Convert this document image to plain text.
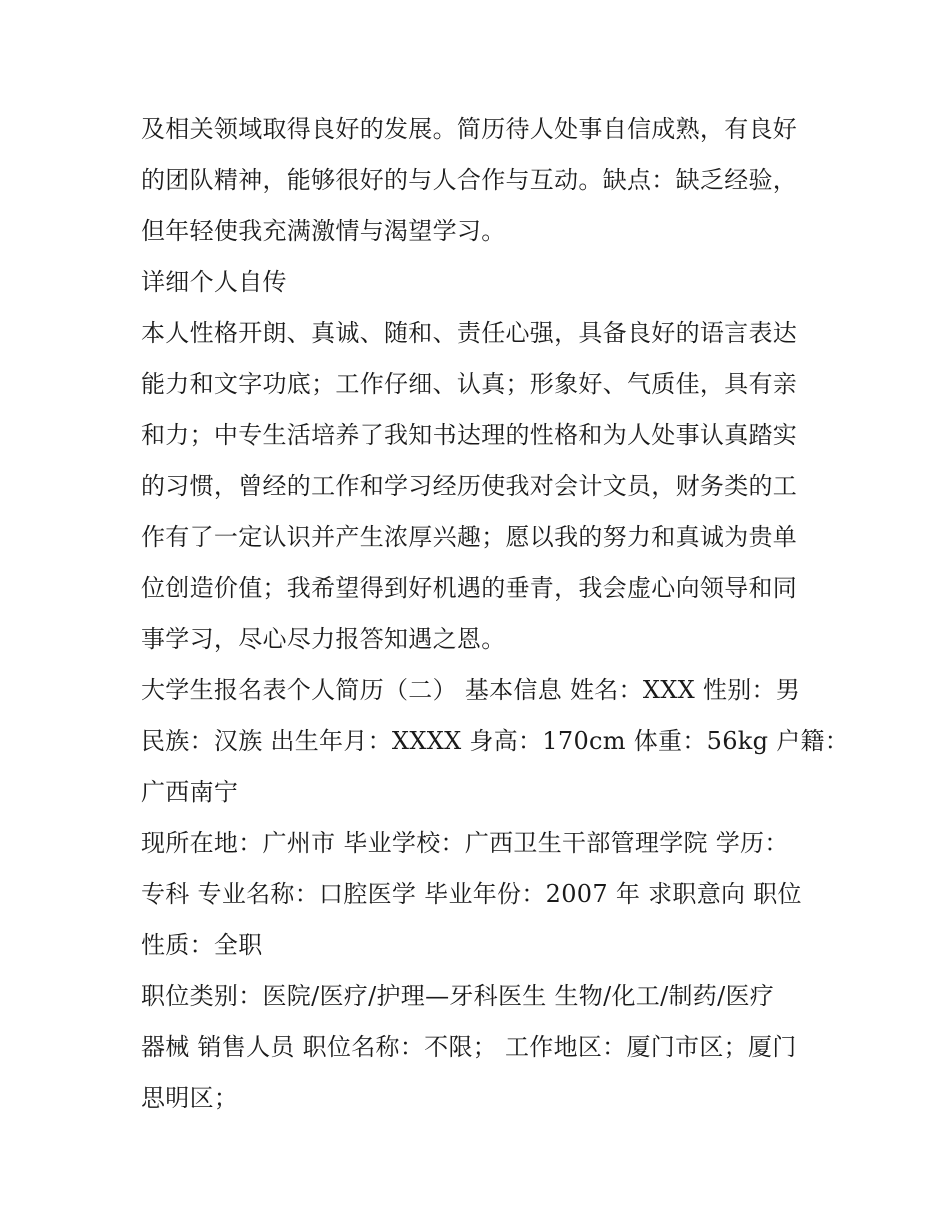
及相关领域取得良好的发展。简历待人处事自信成熟，有良好
的团队精神，能够很好的与人合作与互动。缺点：缺乏经验，
但年轻使我充满激情与渴望学习。
详细个人自传
本人性格开朗、真诚、随和、责任心强，具备良好的语言表达
能力和文字功底；工作仔细、认真；形象好、气质佳，具有亲
和力；中专生活培养了我知书达理的性格和为人处事认真踏实
的习惯，曾经的工作和学习经历使我对会计文员，财务类的工
作有了一定认识并产生浓厚兴趣；愿以我的努力和真诚为贵单
位创造价值；我希望得到好机遇的垂青，我会虚心向领导和同
事学习，尽心尽力报答知遇之恩。
大学生报名表个人简历（二） 基本信息 姓名：XXX 性别：男
民族：汉族 出生年月：XXXX 身高：170cm 体重：56kg 户籍：
广西南宁
现所在地：广州市 毕业学校：广西卫生干部管理学院 学历：
专科 专业名称：口腔医学 毕业年份：2007 年 求职意向 职位
性质：全职
职位类别：医院/医疗/护理—牙科医生 生物/化工/制药/医疗
器械 销售人员 职位名称：不限； 工作地区：厦门市区；厦门
思明区；
